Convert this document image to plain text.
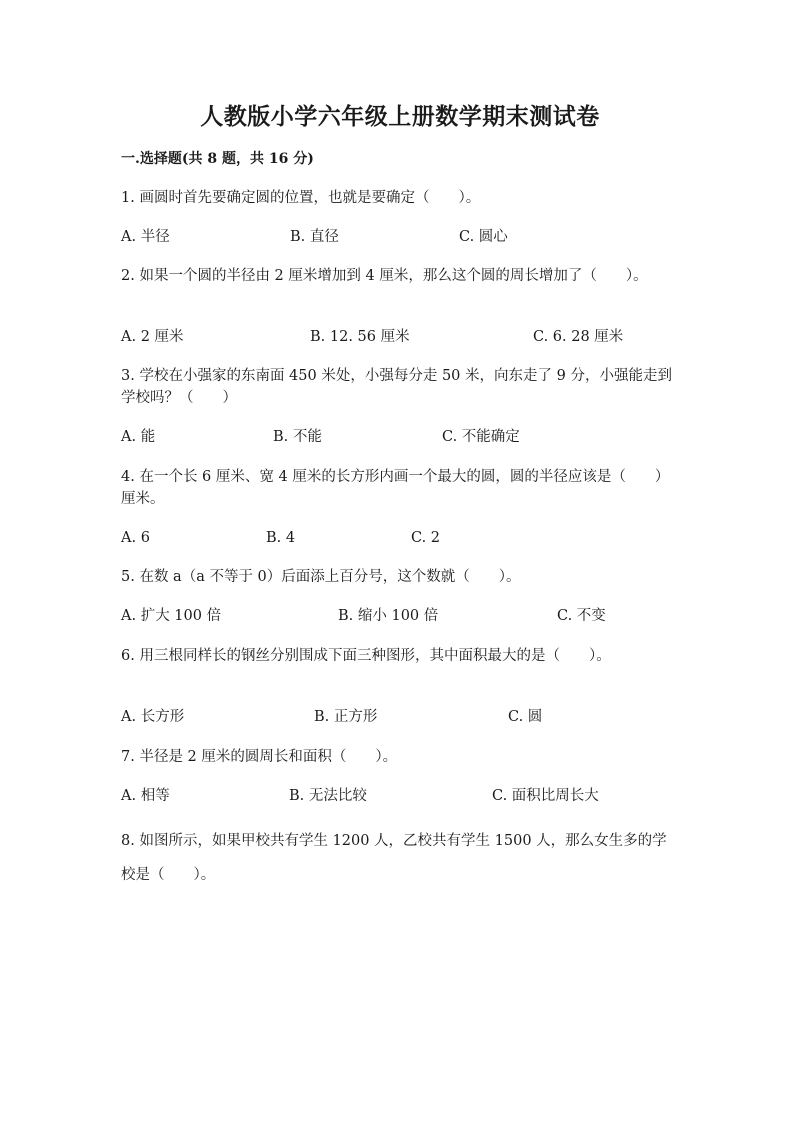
人教版小学六年级上册数学期末测试卷
一.选择题(共 8 题，共 16 分)
1. 画圆时首先要确定圆的位置，也就是要确定（　　）。
A. 半径	B. 直径	C. 圆心
2. 如果一个圆的半径由 2 厘米增加到 4 厘米，那么这个圆的周长增加了（　　）。
A. 2 厘米	B. 12. 56 厘米	C. 6. 28 厘米
3. 学校在小强家的东南面 450 米处，小强每分走 50 米，向东走了 9 分，小强能走到学校吗？（　　）
A. 能	B. 不能	C. 不能确定
4. 在一个长 6 厘米、宽 4 厘米的长方形内画一个最大的圆，圆的半径应该是（　　）厘米。
A. 6	B. 4	C. 2
5. 在数 a（a 不等于 0）后面添上百分号，这个数就（　　）。
A. 扩大 100 倍	B. 缩小 100 倍	C. 不变
6. 用三根同样长的钢丝分别围成下面三种图形，其中面积最大的是（　　）。
A. 长方形	B. 正方形	C. 圆
7. 半径是 2 厘米的圆周长和面积（　　）。
A. 相等	B. 无法比较	C. 面积比周长大
8. 如图所示，如果甲校共有学生 1200 人，乙校共有学生 1500 人，那么女生多的学校是（　　）。
